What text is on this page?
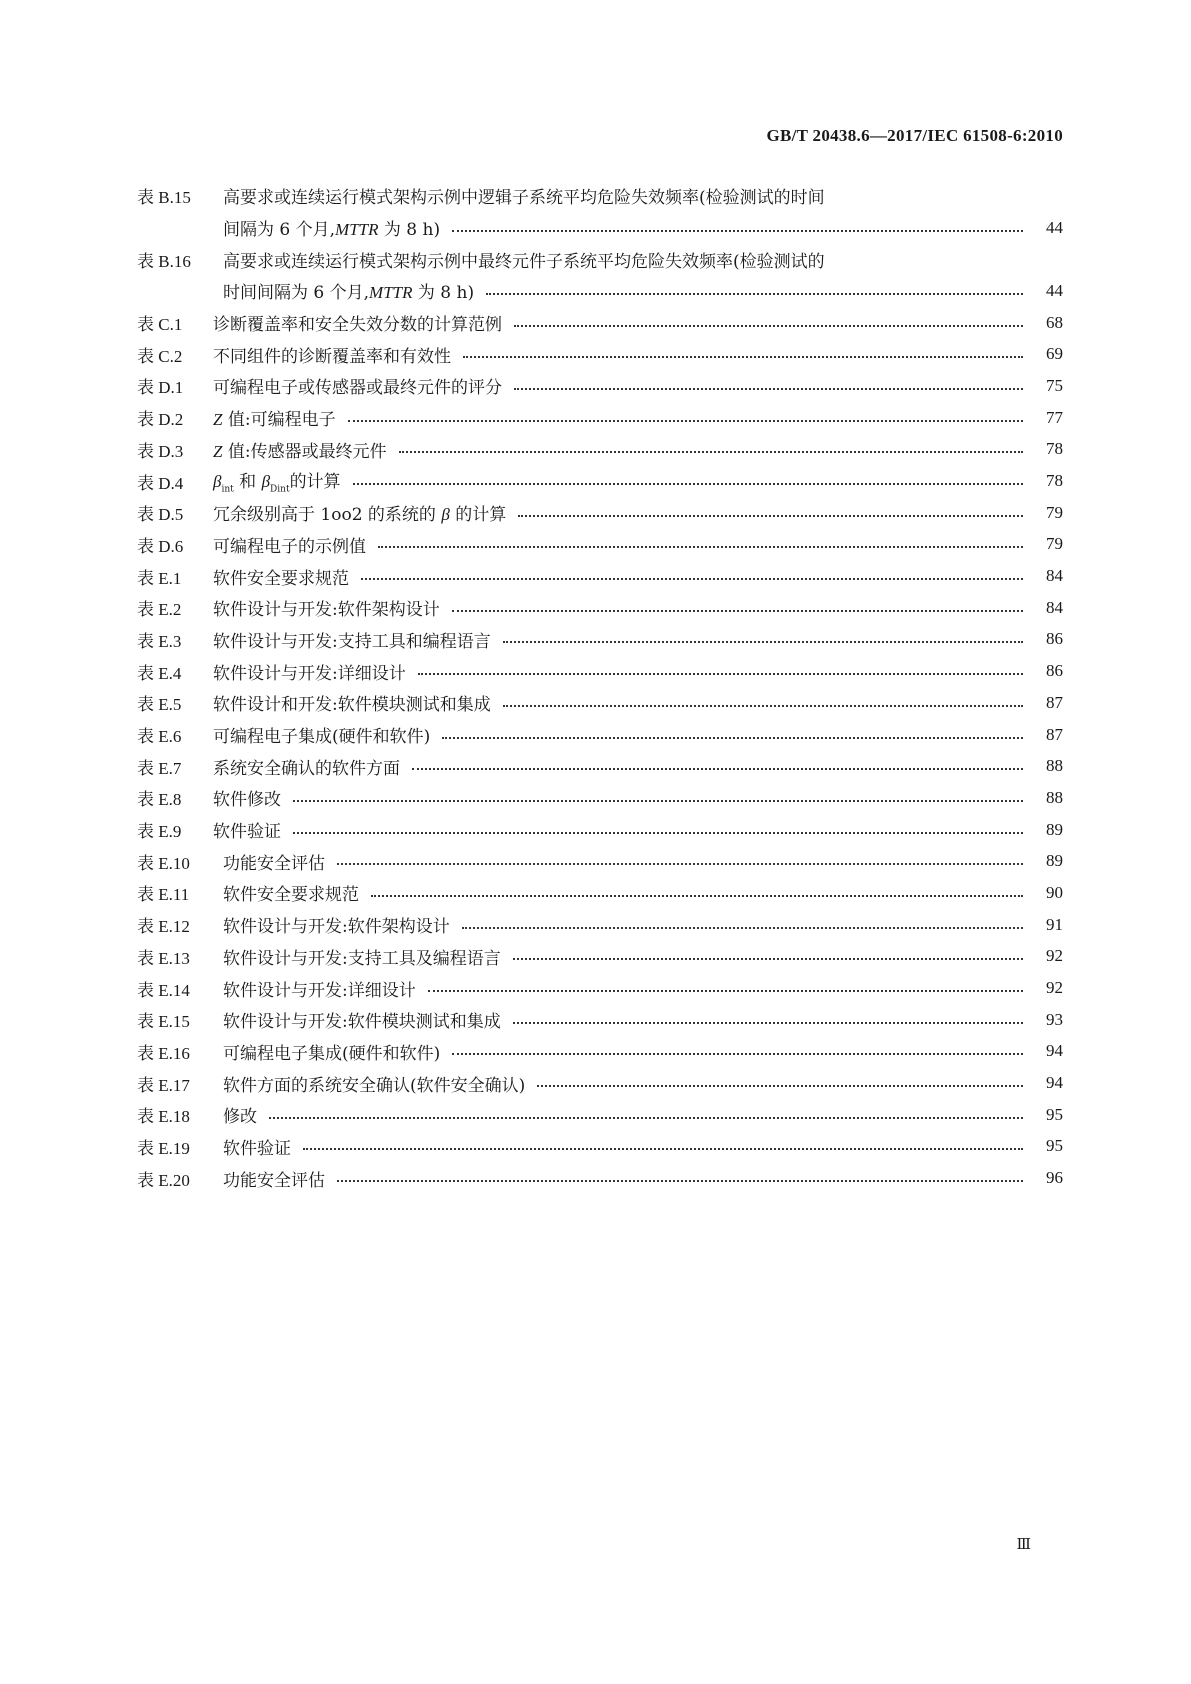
GB/T 20438.6—2017/IEC 61508-6:2010
表 B.15	高要求或连续运行模式架构示例中逻辑子系统平均危险失效频率(检验测试的时间
间隔为 6 个月,MTTR 为 8 h)	44
表 B.16	高要求或连续运行模式架构示例中最终元件子系统平均危险失效频率(检验测试的
时间间隔为 6 个月,MTTR 为 8 h)	44
表 C.1	诊断覆盖率和安全失效分数的计算范例	68
表 C.2	不同组件的诊断覆盖率和有效性	69
表 D.1	可编程电子或传感器或最终元件的评分	75
表 D.2	Z 值:可编程电子	77
表 D.3	Z 值:传感器或最终元件	78
表 D.4	$\beta_{int}$ 和 $\beta_{Dint}$的计算	78
表 D.5	冗余级别高于 1oo2 的系统的 β 的计算	79
表 D.6	可编程电子的示例值	79
表 E.1	软件安全要求规范	84
表 E.2	软件设计与开发:软件架构设计	84
表 E.3	软件设计与开发:支持工具和编程语言	86
表 E.4	软件设计与开发:详细设计	86
表 E.5	软件设计和开发:软件模块测试和集成	87
表 E.6	可编程电子集成(硬件和软件)	87
表 E.7	系统安全确认的软件方面	88
表 E.8	软件修改	88
表 E.9	软件验证	89
表 E.10	功能安全评估	89
表 E.11	软件安全要求规范	90
表 E.12	软件设计与开发:软件架构设计	91
表 E.13	软件设计与开发:支持工具及编程语言	92
表 E.14	软件设计与开发:详细设计	92
表 E.15	软件设计与开发:软件模块测试和集成	93
表 E.16	可编程电子集成(硬件和软件)	94
表 E.17	软件方面的系统安全确认(软件安全确认)	94
表 E.18	修改	95
表 E.19	软件验证	95
表 E.20	功能安全评估	96
Ⅲ
